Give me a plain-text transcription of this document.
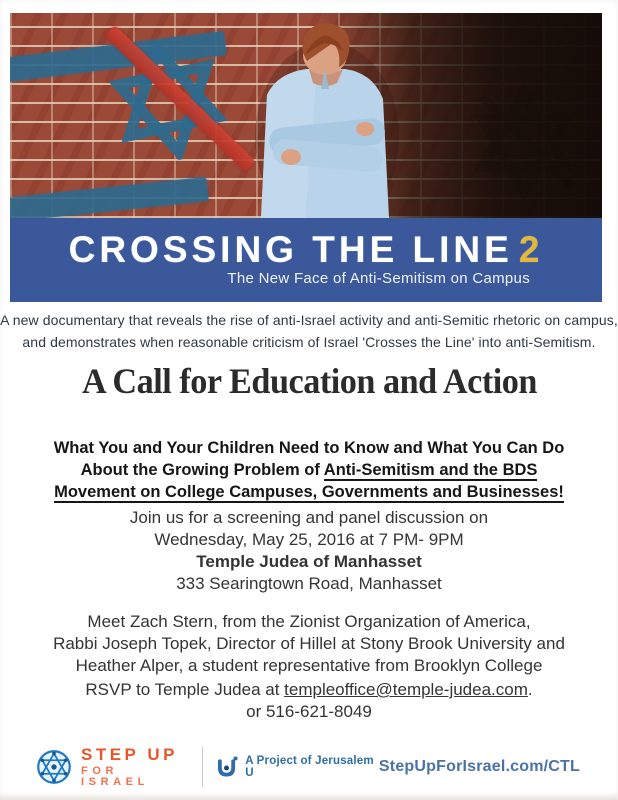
CROSSING THE LINE 2
The New Face of Anti-Semitism on Campus
A new documentary that reveals the rise of anti-Israel activity and anti-Semitic rhetoric on campus,
and demonstrates when reasonable criticism of Israel 'Crosses the Line' into anti-Semitism.
A Call for Education and Action
What You and Your Children Need to Know and What You Can Do
About the Growing Problem of Anti-Semitism and the BDS
Movement on College Campuses, Governments and Businesses!
Join us for a screening and panel discussion on
Wednesday, May 25, 2016 at 7 PM- 9PM
Temple Judea of Manhasset
333 Searingtown Road, Manhasset
Meet Zach Stern, from the Zionist Organization of America,
Rabbi Joseph Topek, Director of Hillel at Stony Brook University and
Heather Alper, a student representative from Brooklyn College
RSVP to Temple Judea at templeoffice@temple-judea.com.
or 516-621-8049
STEP UP
FOR ISRAEL
A Project of Jerusalem U	StepUpForIsrael.com/CTL
